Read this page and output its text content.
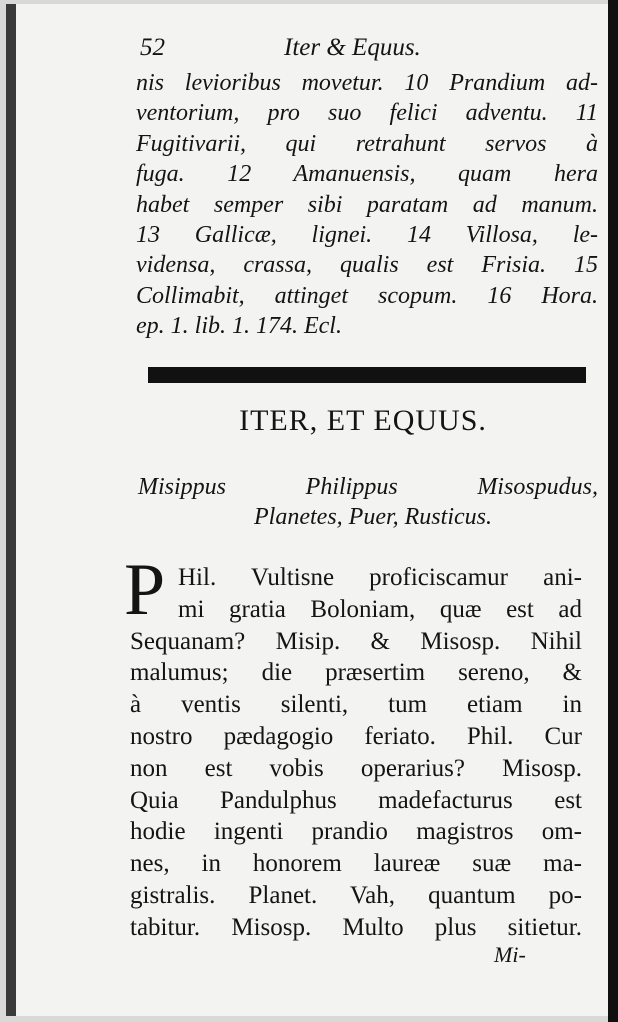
52	Iter & Equus.
nis levioribus movetur. 10 Prandium ad-
ventorium, pro suo felici adventu. 11
Fugitivarii, qui retrahunt servos à
fuga. 12 Amanuensis, quam hera
habet semper sibi paratam ad manum.
13 Gallicæ, lignei. 14 Villosa, le-
vidensa, crassa, qualis est Frisia. 15
Collimabit, attinget scopum. 16 Hora.
ep. 1. lib. 1. 174. Ecl.
ITER, ET EQUUS.
Misippus	Philippus	Misospudus,
Planetes, Puer, Rusticus.
P Hil. Vultisne proficiscamur ani-
mi gratia Boloniam, quæ est ad
Sequanam? Misip. & Misosp. Nihil
malumus; die præsertim sereno, &
à ventis silenti, tum etiam in
nostro pædagogio feriato. Phil. Cur
non est vobis operarius? Misosp.
Quia Pandulphus madefacturus est
hodie ingenti prandio magistros om-
nes, in honorem laureæ suæ ma-
gistralis. Planet. Vah, quantum po-
tabitur. Misosp. Multo plus sitietur.
Mi-
